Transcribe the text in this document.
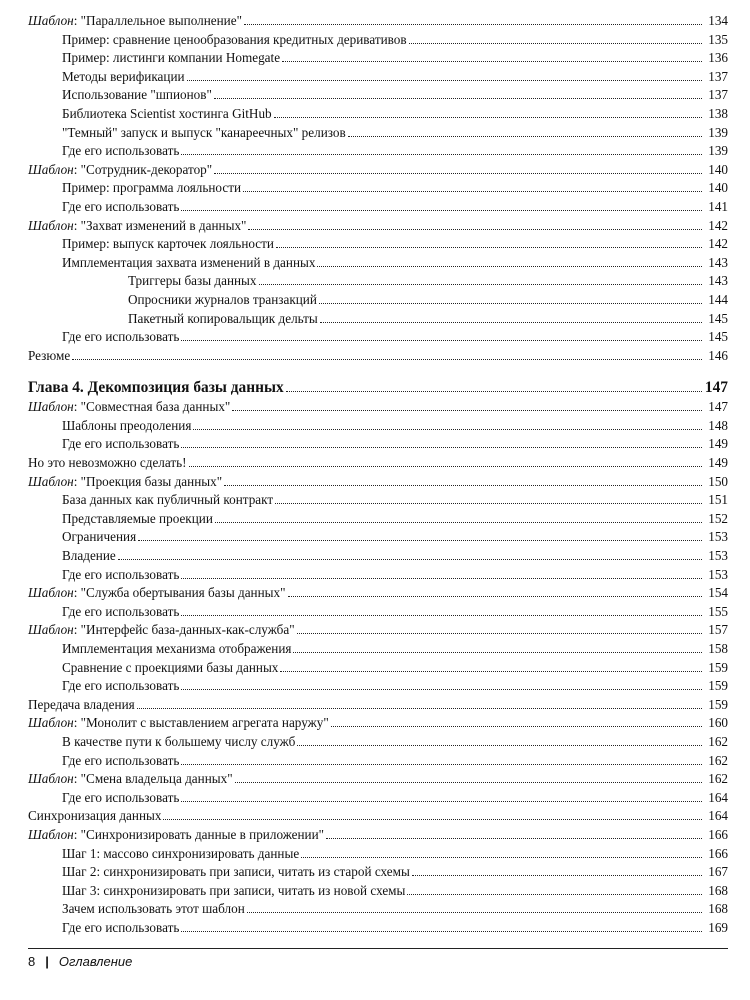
Шаблон: "Параллельное выполнение"	134
Пример: сравнение ценообразования кредитных деривативов	135
Пример: листинги компании Homegate	136
Методы верификации	137
Использование "шпионов"	137
Библиотека Scientist хостинга GitHub	138
"Темный" запуск и выпуск "канареечных" релизов	139
Где его использовать	139
Шаблон: "Сотрудник-декоратор"	140
Пример: программа лояльности	140
Где его использовать	141
Шаблон: "Захват изменений в данных"	142
Пример: выпуск карточек лояльности	142
Имплементация захвата изменений в данных	143
Триггеры базы данных	143
Опросники журналов транзакций	144
Пакетный копировальщик дельты	145
Где его использовать	145
Резюме	146
Глава 4. Декомпозиция базы данных	147
Шаблон: "Совместная база данных"	147
Шаблоны преодоления	148
Где его использовать	149
Но это невозможно сделать!	149
Шаблон: "Проекция базы данных"	150
База данных как публичный контракт	151
Представляемые проекции	152
Ограничения	153
Владение	153
Где его использовать	153
Шаблон: "Служба обертывания базы данных"	154
Где его использовать	155
Шаблон: "Интерфейс база-данных-как-служба"	157
Имплементация механизма отображения	158
Сравнение с проекциями базы данных	159
Где его использовать	159
Передача владения	159
Шаблон: "Монолит с выставлением агрегата наружу"	160
В качестве пути к большему числу служб	162
Где его использовать	162
Шаблон: "Смена владельца данных"	162
Где его использовать	164
Синхронизация данных	164
Шаблон: "Синхронизировать данные в приложении"	166
Шаг 1: массово синхронизировать данные	166
Шаг 2: синхронизировать при записи, читать из старой схемы	167
Шаг 3: синхронизировать при записи, читать из новой схемы	168
Зачем использовать этот шаблон	168
Где его использовать	169
8 | Оглавление
